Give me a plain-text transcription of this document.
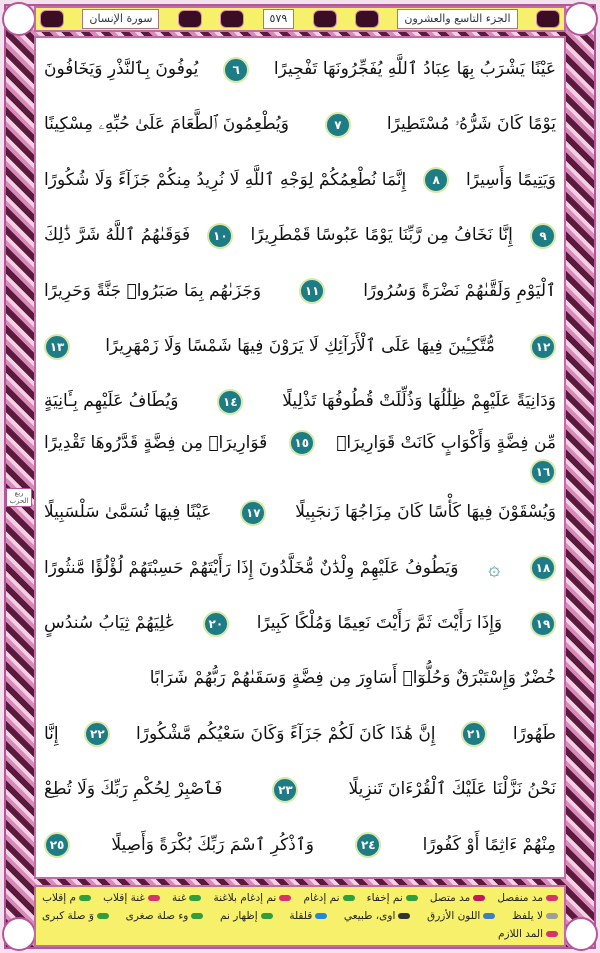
ربع الحزب
سورة الإنسان	٥٧٩	الجزء التاسع والعشرون
عَيْنًا يَشْرَبُ بِهَا عِبَادُ ٱللَّهِ يُفَجِّرُونَهَا تَفْجِيرًا
٦
يُوفُونَ بِٱلنَّذْرِ وَيَخَافُونَ
يَوْمًا كَانَ شَرُّهُۥ مُسْتَطِيرًا
٧
وَيُطْعِمُونَ ٱلطَّعَامَ عَلَىٰ حُبِّهِۦ مِسْكِينًا
وَيَتِيمًا وَأَسِيرًا
٨
إِنَّمَا نُطْعِمُكُمْ لِوَجْهِ ٱللَّهِ لَا نُرِيدُ مِنكُمْ جَزَآءً وَلَا شُكُورًا
٩
إِنَّا نَخَافُ مِن رَّبِّنَا يَوْمًا عَبُوسًا قَمْطَرِيرًا
١٠
فَوَقَىٰهُمُ ٱللَّهُ شَرَّ ذَٰلِكَ
ٱلْيَوْمِ وَلَقَّىٰهُمْ نَضْرَةً وَسُرُورًا
١١
وَجَزَىٰهُم بِمَا صَبَرُوا۟ جَنَّةً وَحَرِيرًا
١٢
مُّتَّكِـِٔينَ فِيهَا عَلَى ٱلْأَرَآئِكِ لَا يَرَوْنَ فِيهَا شَمْسًا وَلَا زَمْهَرِيرًا
١٣
وَدَانِيَةً عَلَيْهِمْ ظِلَٰلُهَا وَذُلِّلَتْ قُطُوفُهَا تَذْلِيلًا
١٤
وَيُطَافُ عَلَيْهِم بِـَٔانِيَةٍ
مِّن فِضَّةٍ وَأَكْوَابٍ كَانَتْ قَوَارِيرَا۠
١٥
قَوَارِيرَا۟ مِن فِضَّةٍ قَدَّرُوهَا تَقْدِيرًا
١٦
وَيُسْقَوْنَ فِيهَا كَأْسًا كَانَ مِزَاجُهَا زَنجَبِيلًا
١٧
عَيْنًا فِيهَا تُسَمَّىٰ سَلْسَبِيلًا
١٨
۞
وَيَطُوفُ عَلَيْهِمْ وِلْدَٰنٌ مُّخَلَّدُونَ إِذَا رَأَيْتَهُمْ حَسِبْتَهُمْ لُؤْلُؤًا مَّنثُورًا
١٩
وَإِذَا رَأَيْتَ ثَمَّ رَأَيْتَ نَعِيمًا وَمُلْكًا كَبِيرًا
٢٠
عَٰلِيَهُمْ ثِيَابُ سُندُسٍ
خُضْرٌ وَإِسْتَبْرَقٌ وَحُلُّوٓا۟ أَسَاوِرَ مِن فِضَّةٍ وَسَقَىٰهُمْ رَبُّهُمْ شَرَابًا
طَهُورًا
٢١
إِنَّ هَٰذَا كَانَ لَكُمْ جَزَآءً وَكَانَ سَعْيُكُم مَّشْكُورًا
٢٢
إِنَّا
نَحْنُ نَزَّلْنَا عَلَيْكَ ٱلْقُرْءَانَ تَنزِيلًا
٢٣
فَٱصْبِرْ لِحُكْمِ رَبِّكَ وَلَا تُطِعْ
مِنْهُمْ ءَاثِمًا أَوْ كَفُورًا
٢٤
وَٱذْكُرِ ٱسْمَ رَبِّكَ بُكْرَةً وَأَصِيلًا
٢٥
مد منفصل
مد متصل
نم إخفاء
نم إدغام
نم إدغام بلاغنة
غنة
غنة إقلاب
م إقلاب
لا يلفظ
اللون الأزرق
اوى، طبيعي
قلقلة
إظهار نم
وء صلة صغرى
وٓ صلة كبرى
المد اللازم
